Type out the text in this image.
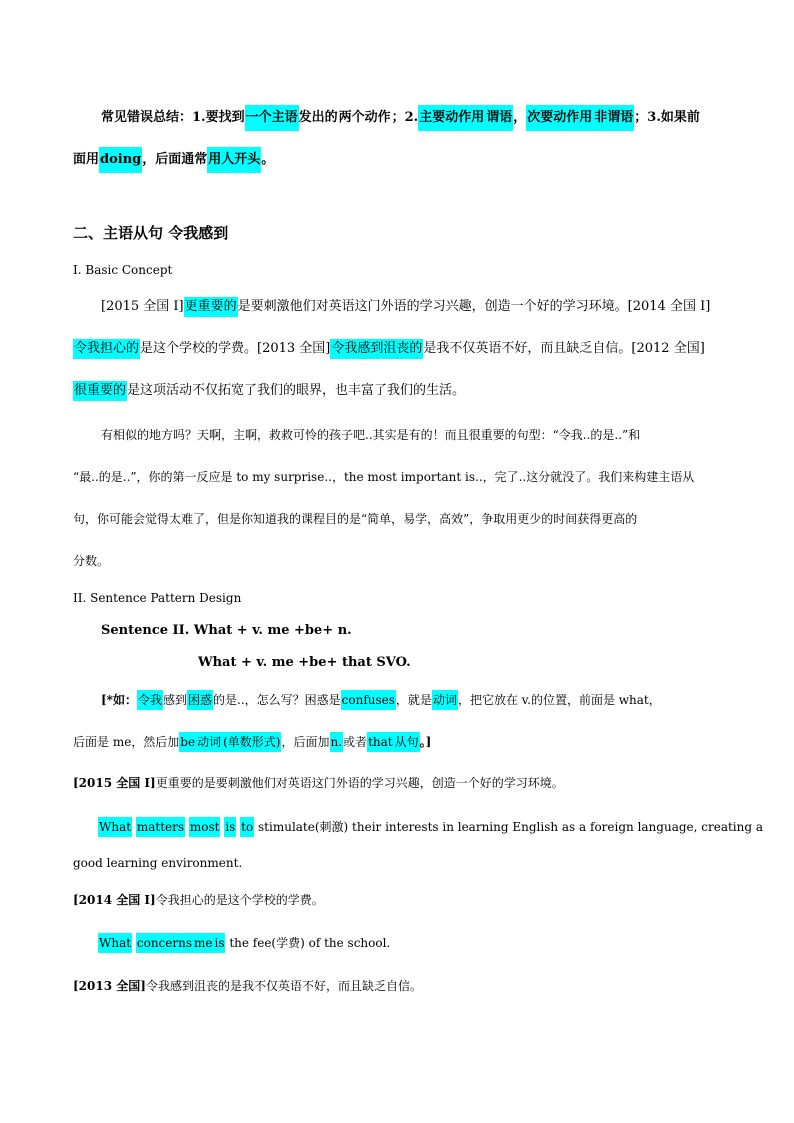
常见错误总结：1.要找到一个主语发出的两个动作；2.主要动作用 谓语，次要动作用 非谓语；3.如果前
面用doing，后面通常用人开头。
二、主语从句 令我感到
I. Basic Concept
[2015 全国 I]更重要的是要刺激他们对英语这门外语的学习兴趣，创造一个好的学习环境。[2014 全国 I]
令我担心的是这个学校的学费。[2013 全国]令我感到沮丧的是我不仅英语不好，而且缺乏自信。[2012 全国]
很重要的是这项活动不仅拓宽了我们的眼界，也丰富了我们的生活。
有相似的地方吗？天啊，主啊，救救可怜的孩子吧..其实是有的！而且很重要的句型：“令我..的是..”和
“最..的是..”，你的第一反应是 to my surprise..，the most important is..，完了..这分就没了。我们来构建主语从
句，你可能会觉得太难了，但是你知道我的课程目的是“简单，易学，高效”，争取用更少的时间获得更高的
分数。
II. Sentence Pattern Design
Sentence II. What + v. me +be+ n.
What + v. me +be+ that SVO.
[*如：令我感到困惑的是..，怎么写？困惑是confuses，就是动词，把它放在 v.的位置，前面是 what，
后面是 me，然后加be 动词 (单数形式)，后面加n.或者that 从句。]
[2015 全国 I]更重要的是要刺激他们对英语这门外语的学习兴趣，创造一个好的学习环境。
What matters most is to stimulate(刺激) their interests in learning English as a foreign language, creating a
good learning environment.
[2014 全国 I]令我担心的是这个学校的学费。
What concerns me is the fee(学费) of the school.
[2013 全国]令我感到沮丧的是我不仅英语不好，而且缺乏自信。
